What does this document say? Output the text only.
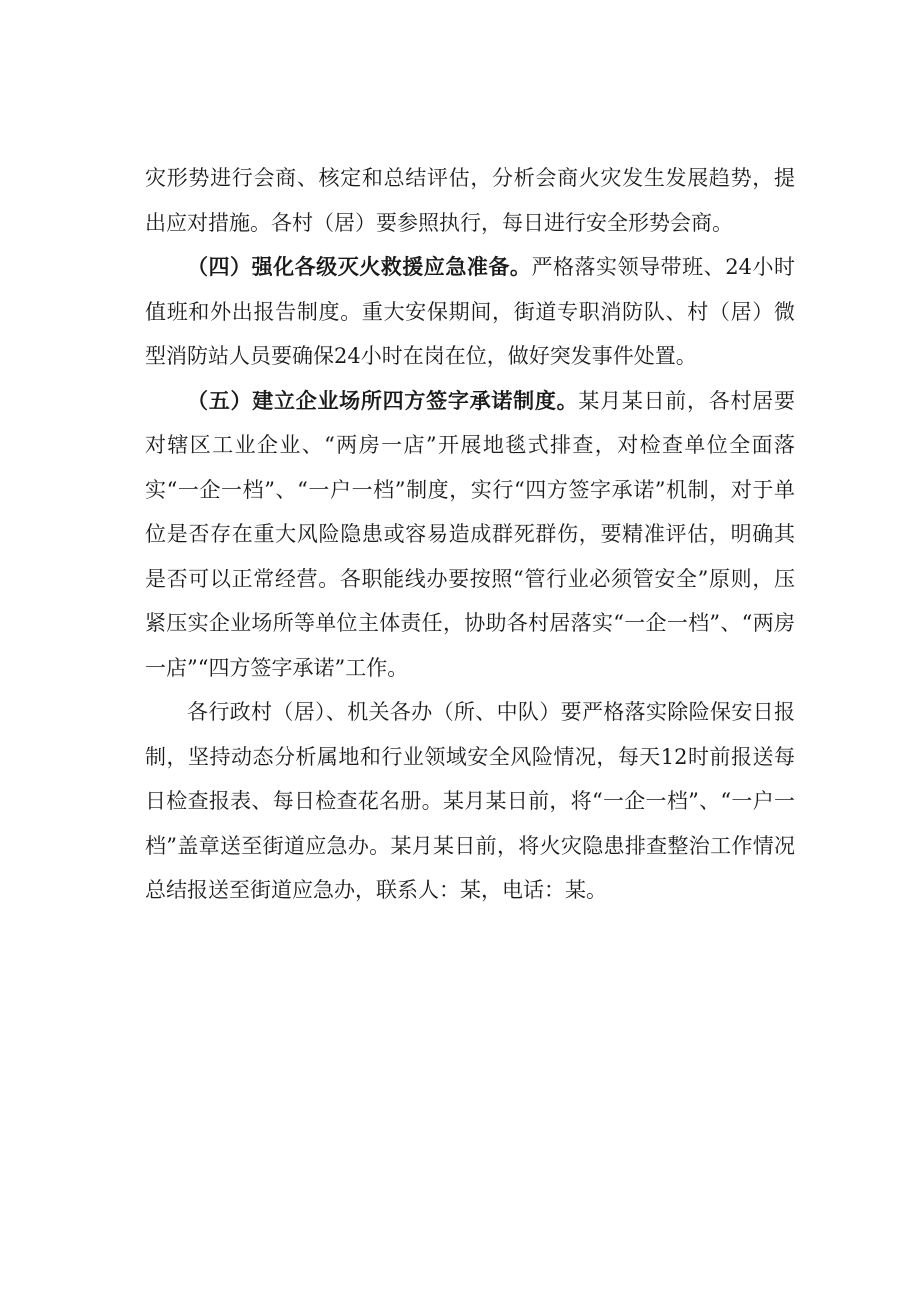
灾形势进行会商、核定和总结评估，分析会商火灾发生发展趋势，提出应对措施。各村（居）要参照执行，每日进行安全形势会商。

（四）强化各级灭火救援应急准备。严格落实领导带班、24小时值班和外出报告制度。重大安保期间，街道专职消防队、村（居）微型消防站人员要确保24小时在岗在位，做好突发事件处置。

（五）建立企业场所四方签字承诺制度。某月某日前，各村居要对辖区工业企业、“两房一店”开展地毯式排查，对检查单位全面落实“一企一档”、“一户一档”制度，实行“四方签字承诺”机制，对于单位是否存在重大风险隐患或容易造成群死群伤，要精准评估，明确其是否可以正常经营。各职能线办要按照“管行业必须管安全”原则，压紧压实企业场所等单位主体责任，协助各村居落实“一企一档”、“两房一店”“四方签字承诺”工作。

各行政村（居）、机关各办（所、中队）要严格落实除险保安日报制，坚持动态分析属地和行业领域安全风险情况，每天12时前报送每日检查报表、每日检查花名册。某月某日前，将“一企一档”、“一户一档”盖章送至街道应急办。某月某日前，将火灾隐患排查整治工作情况总结报送至街道应急办，联系人：某，电话：某。
